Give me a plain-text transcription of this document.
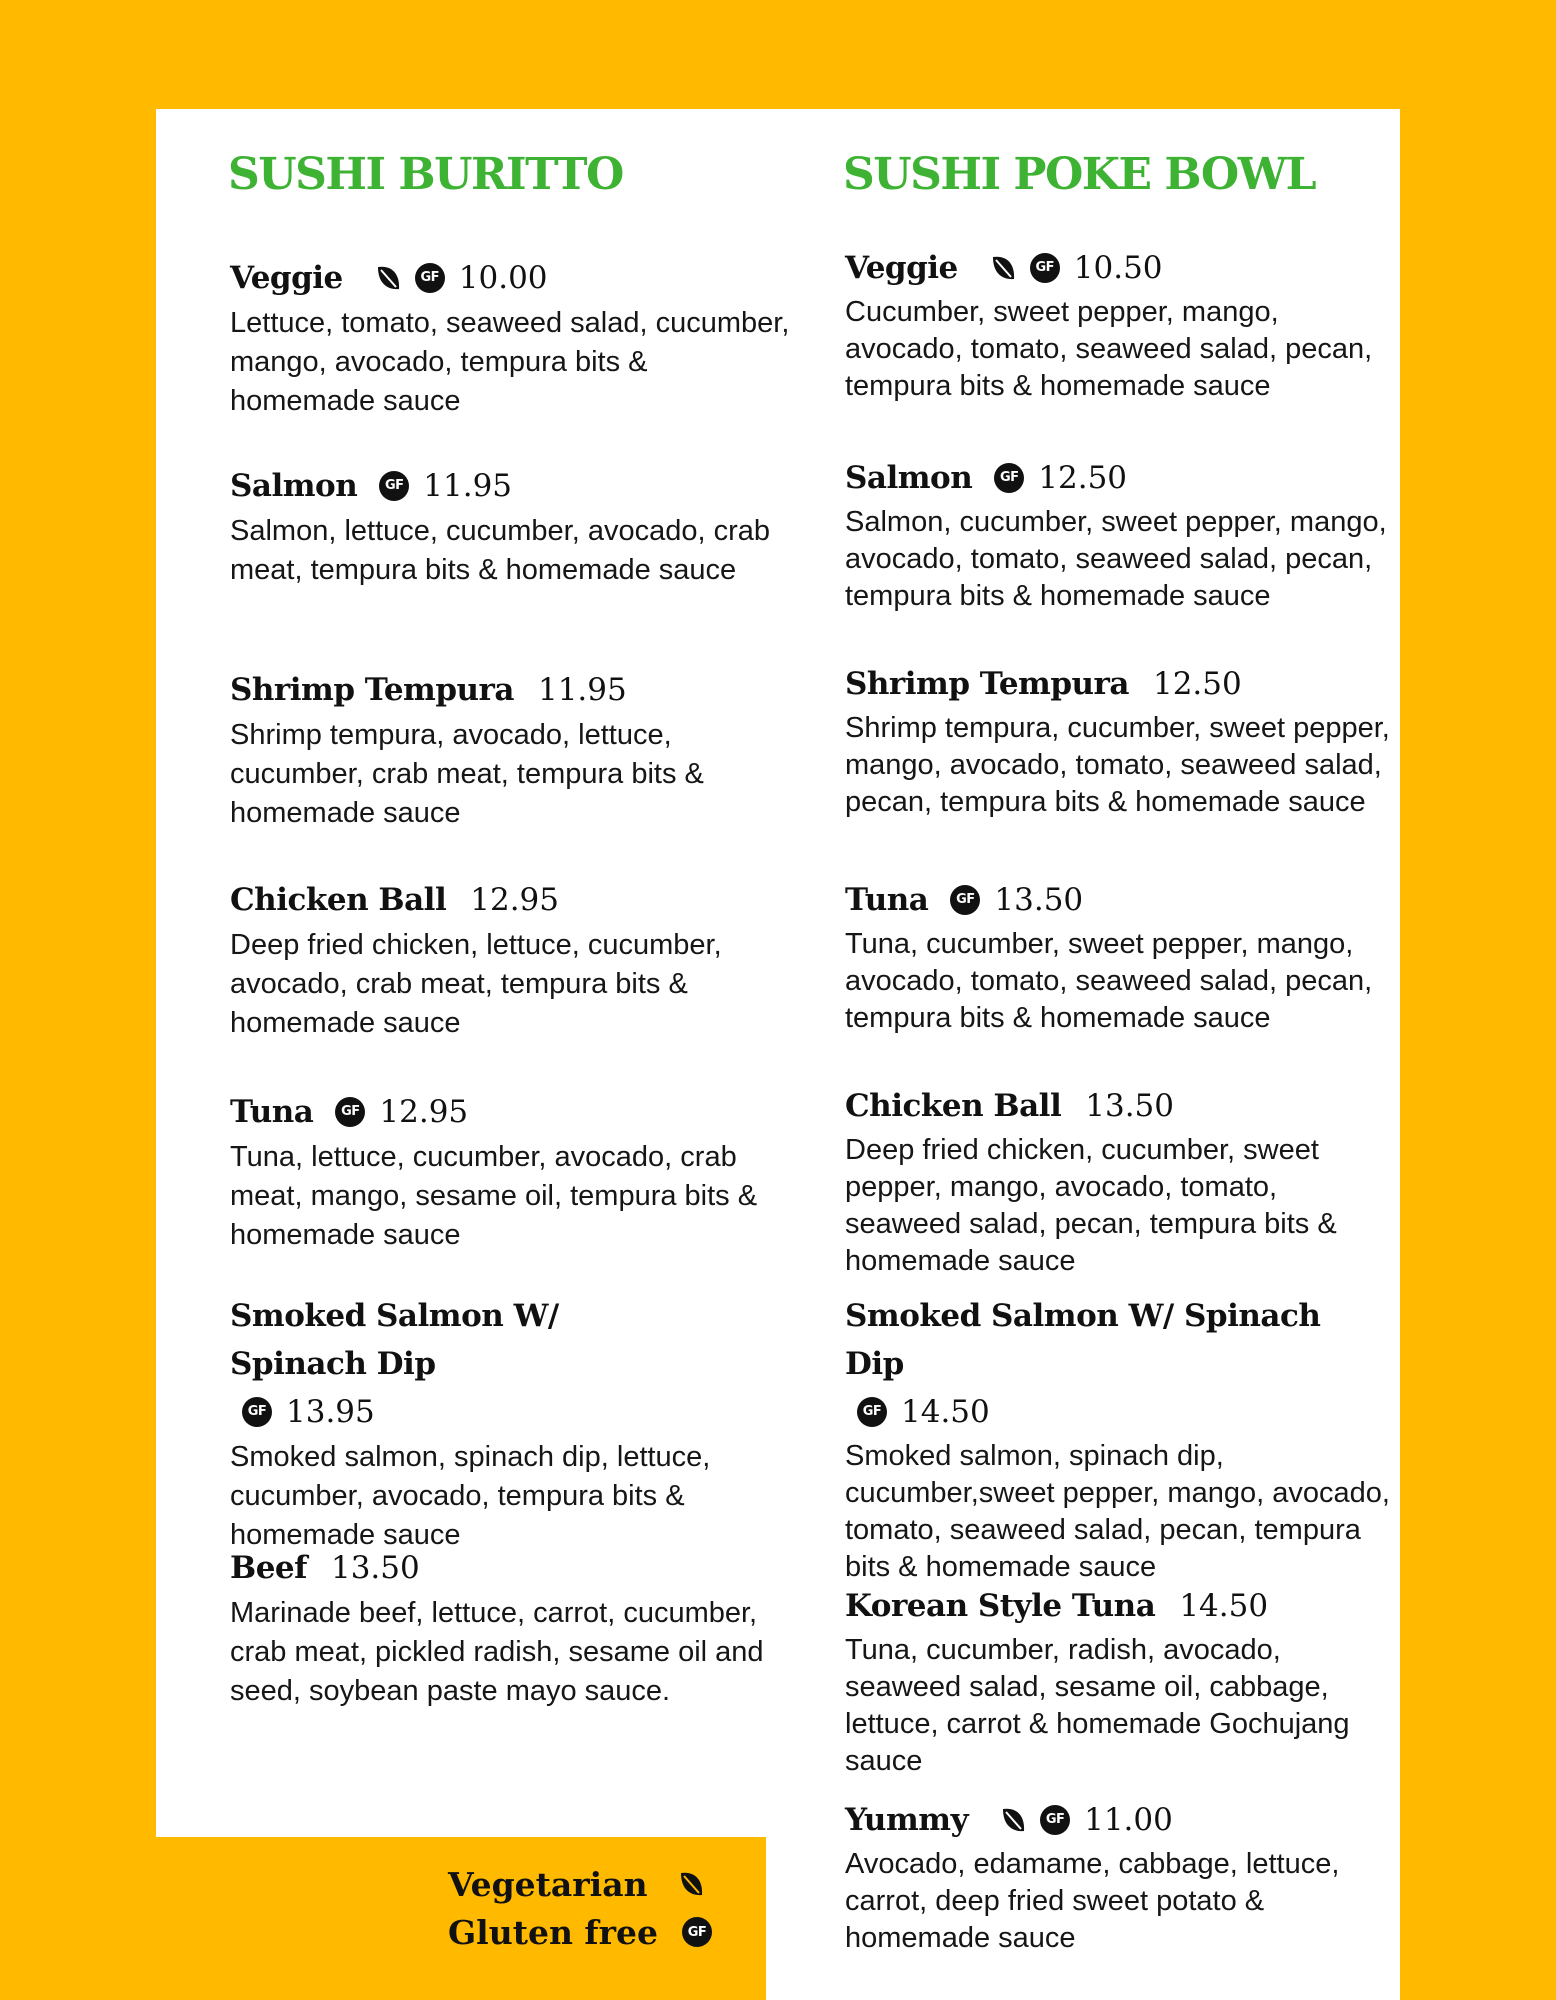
SUSHI BURITTO
Veggie	GF 10.00

Lettuce, tomato, seaweed salad, cucumber, mango, avocado, tempura bits & homemade sauce

Salmon	GF 11.95

Salmon, lettuce, cucumber, avocado, crab meat, tempura bits & homemade sauce

Shrimp Tempura 11.95

Shrimp tempura, avocado, lettuce, cucumber, crab meat, tempura bits & homemade sauce

Chicken Ball 12.95

Deep fried chicken, lettuce, cucumber, avocado, crab meat, tempura bits & homemade sauce

Tuna	GF 12.95

Tuna, lettuce, cucumber, avocado, crab meat, mango, sesame oil, tempura bits & homemade sauce

Smoked Salmon W/ Spinach Dip
GF 13.95

Smoked salmon, spinach dip, lettuce, cucumber, avocado, tempura bits & homemade sauce

Beef 13.50

Marinade beef, lettuce, carrot, cucumber, crab meat, pickled radish, sesame oil and seed, soybean paste mayo sauce.

SUSHI POKE BOWL
Veggie	GF 10.50

Cucumber, sweet pepper, mango, avocado, tomato, seaweed salad, pecan, tempura bits & homemade sauce

Salmon	GF 12.50

Salmon, cucumber, sweet pepper, mango, avocado, tomato, seaweed salad, pecan, tempura bits & homemade sauce

Shrimp Tempura 12.50

Shrimp tempura, cucumber, sweet pepper, mango, avocado, tomato, seaweed salad, pecan, tempura bits & homemade sauce

Tuna	GF 13.50

Tuna, cucumber, sweet pepper, mango, avocado, tomato, seaweed salad, pecan, tempura bits & homemade sauce

Chicken Ball 13.50

Deep fried chicken, cucumber, sweet pepper, mango, avocado, tomato, seaweed salad, pecan, tempura bits & homemade sauce

Smoked Salmon W/ Spinach Dip
GF 14.50

Smoked salmon, spinach dip, cucumber,sweet pepper, mango, avocado, tomato, seaweed salad, pecan, tempura bits & homemade sauce

Korean Style Tuna 14.50

Tuna, cucumber, radish, avocado, seaweed salad, sesame oil, cabbage, lettuce, carrot & homemade Gochujang sauce

Yummy	GF 11.00

Avocado, edamame, cabbage, lettuce, carrot, deep fried sweet potato & homemade sauce

Vegetarian
Gluten free	GF
